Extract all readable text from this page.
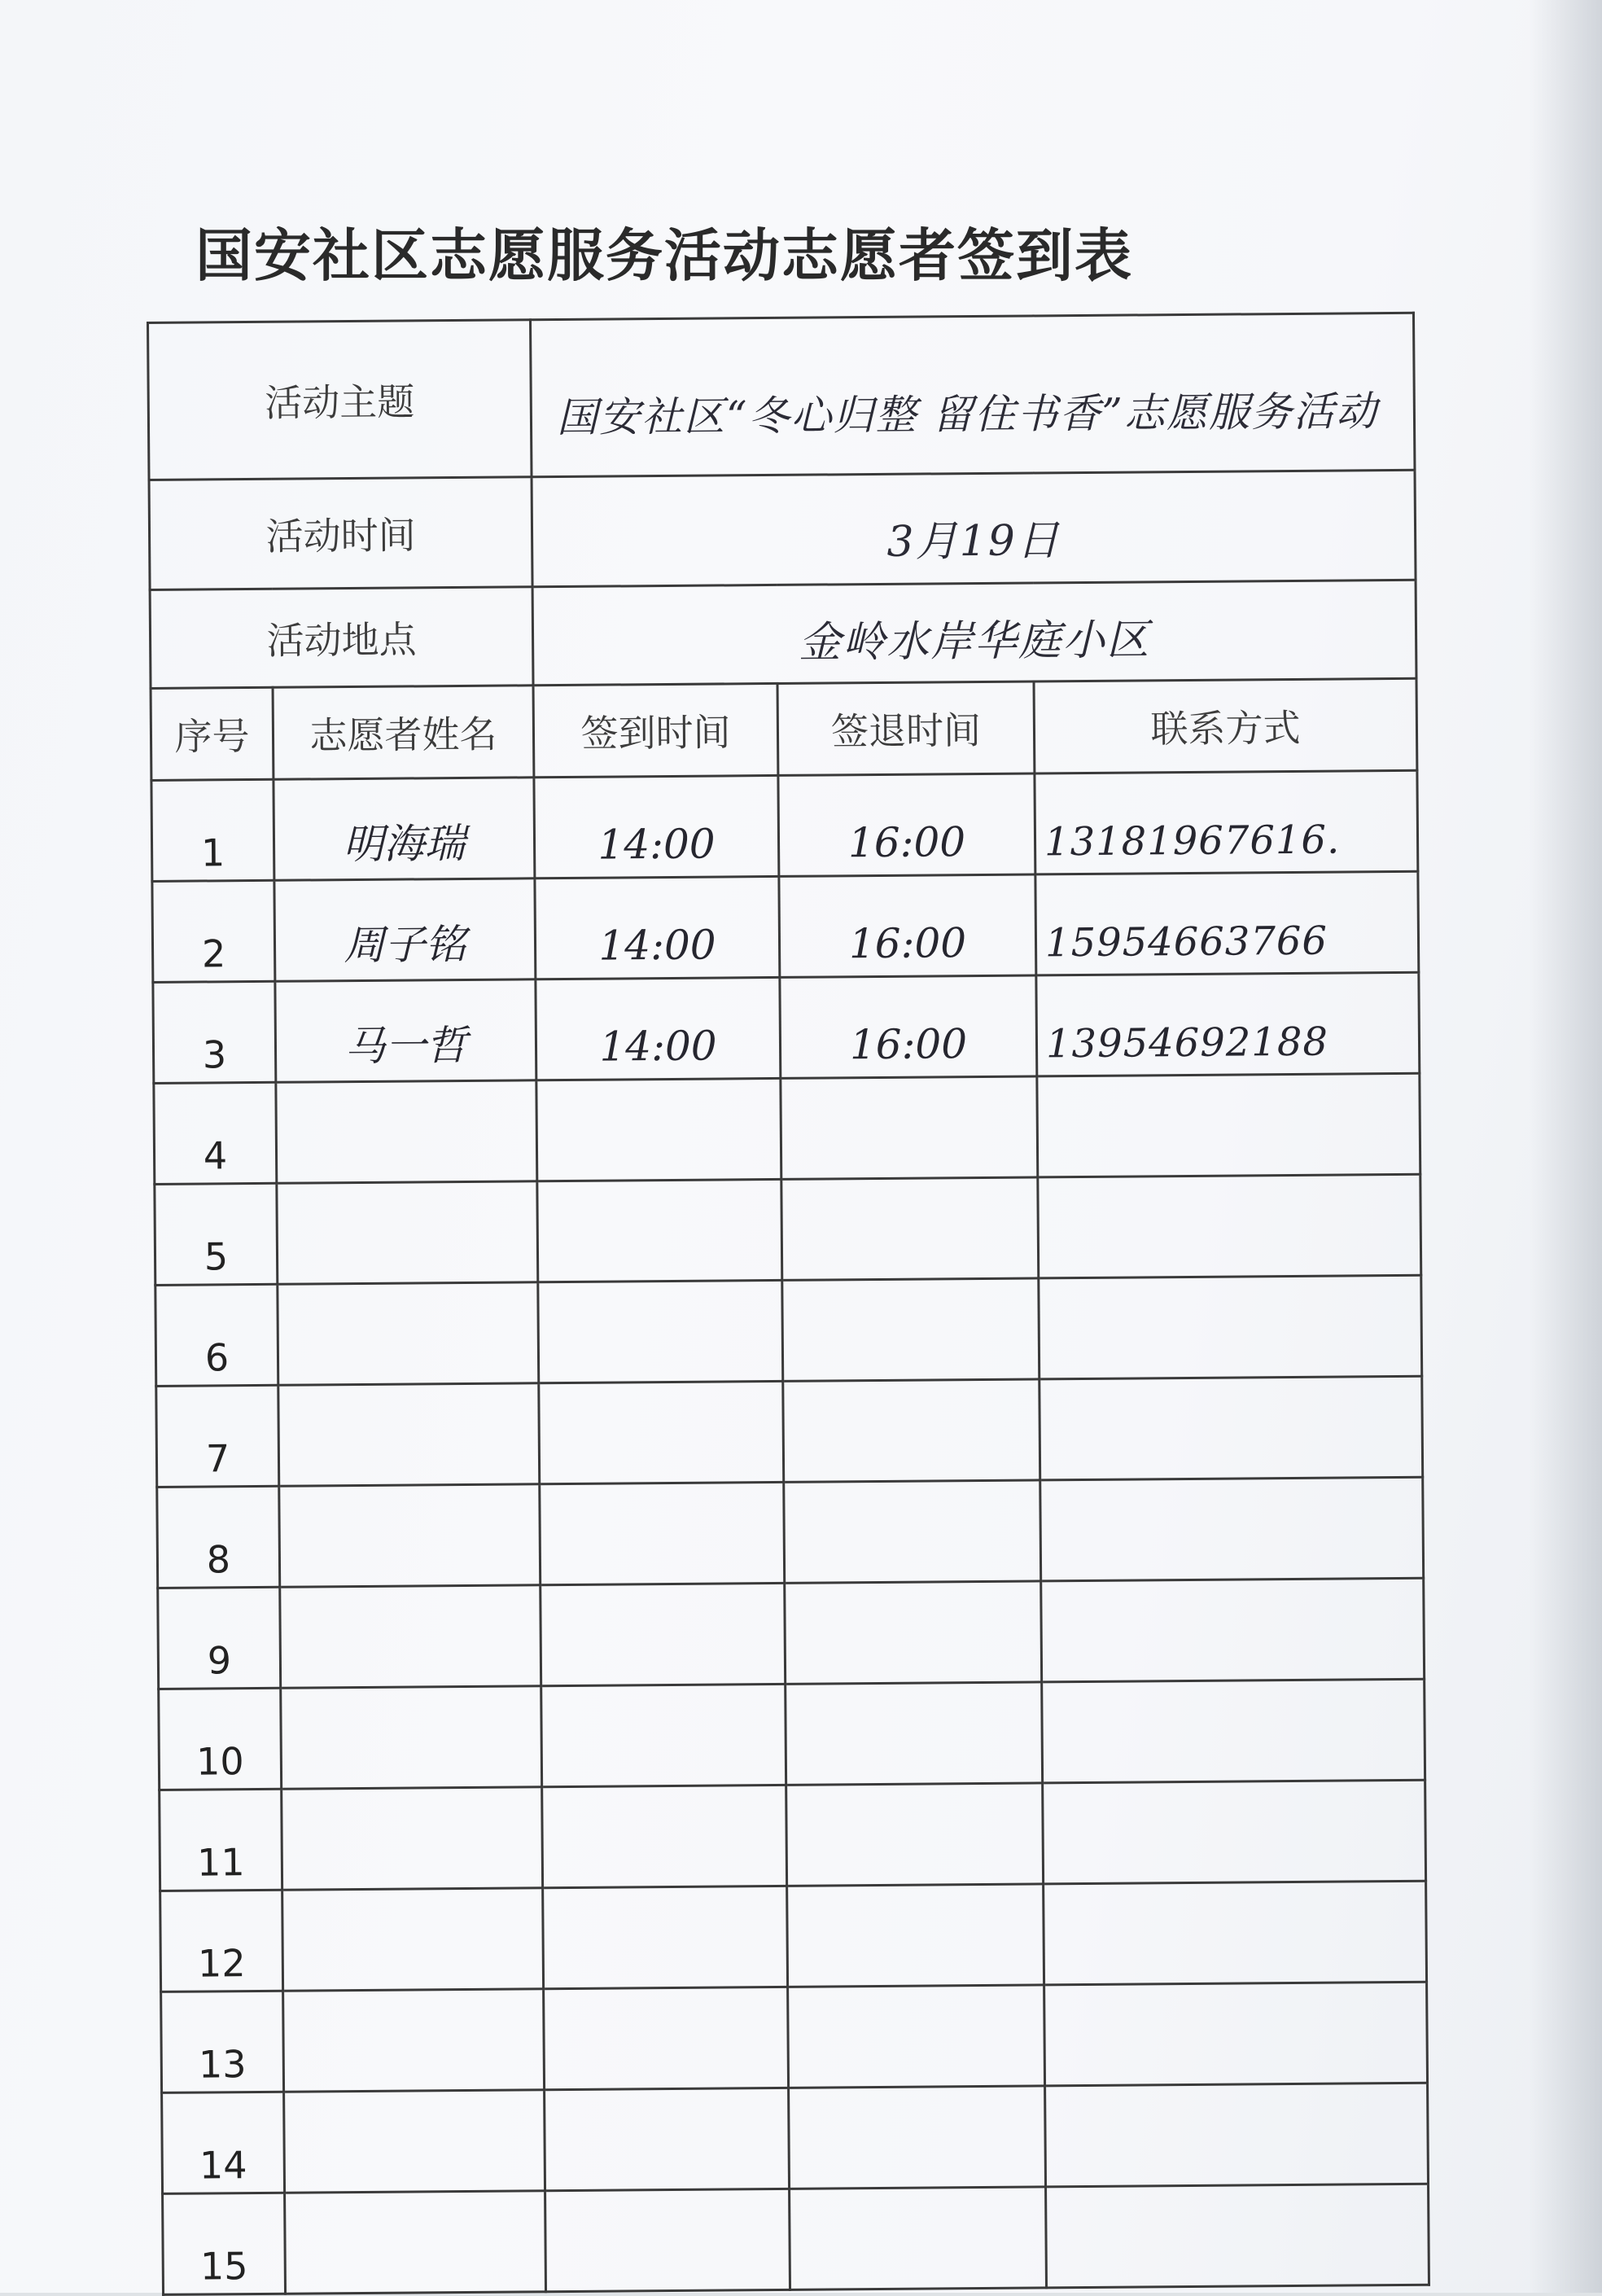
国安社区志愿服务活动志愿者签到表
活动主题		国安社区“冬心归整 留住书香”志愿服务活动		
活动时间		3月19日		
活动地点		金岭水岸华庭小区		
序号	志愿者姓名	签到时间	签退时间	联系方式
1	明海瑞	14:00	16:00	13181967616.
2	周子铭	14:00	16:00	15954663766
3	马一哲	14:00	16:00	13954692188
4				
5				
6				
7				
8				
9				
10				
11				
12				
13				
14				
15				
